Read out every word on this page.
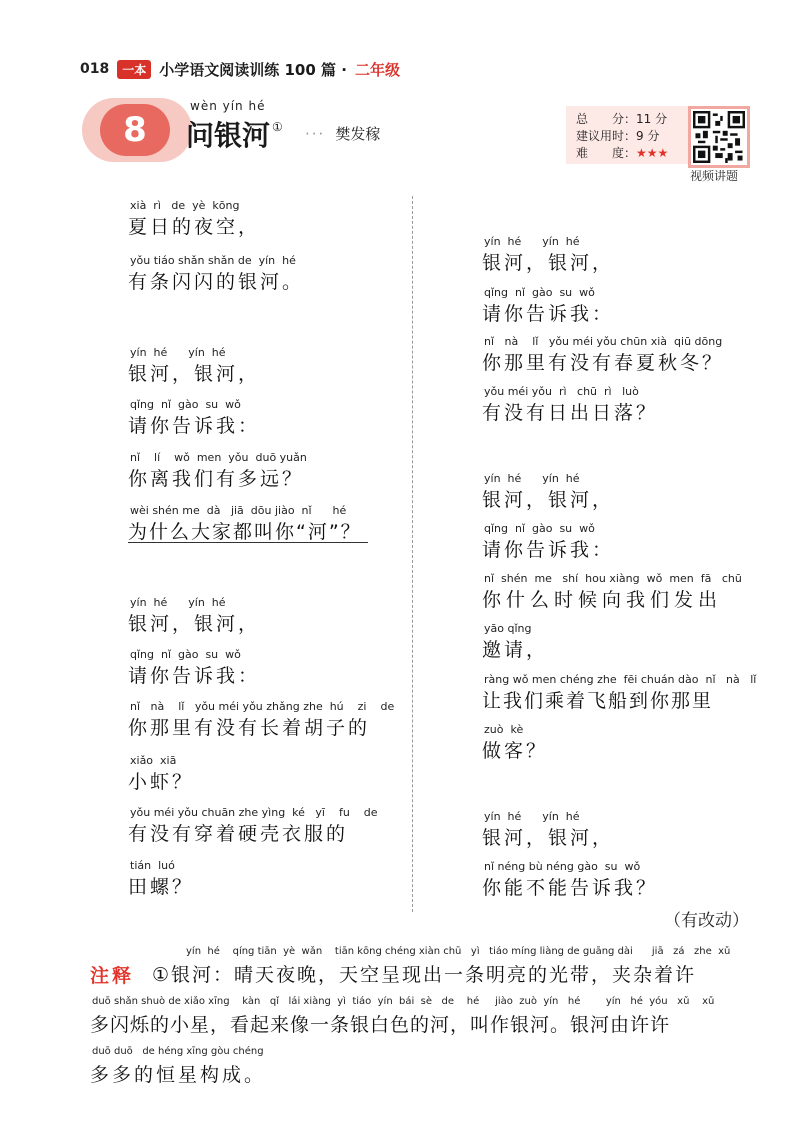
018	一本 小学语文阅读训练 100 篇 · 二年级
8
wèn yín hé
问银河 ① ··· 樊发稼
总　　分：11 分
建议用时：9 分
难　　度：★★★
视频讲题
xià  rì   de  yè  kōng
夏日的夜空，
yǒu tiáo shǎn shǎn de  yín  hé
有条闪闪的银河。
yín  hé      yín  hé
银河，银河，
qǐng  nǐ  gào  su  wǒ
请你告诉我：
nǐ    lí    wǒ  men  yǒu  duō yuǎn
你离我们有多远？
wèi shén me  dà   jiā  dōu jiào  nǐ      hé
为什么大家都叫你“河”？
yín  hé      yín  hé
银河，银河，
qǐng  nǐ  gào  su  wǒ
请你告诉我：
nǐ   nà    lǐ   yǒu méi yǒu zhǎng zhe  hú    zi    de
你那里有没有长着胡子的
xiǎo  xiā
小虾？
yǒu méi yǒu chuān zhe yìng  ké   yī    fu    de
有没有穿着硬壳衣服的
tián  luó
田螺？
yín  hé      yín  hé
银河，银河，
qǐng  nǐ  gào  su  wǒ
请你告诉我：
nǐ   nà    lǐ   yǒu méi yǒu chūn xià  qiū dōng
你那里有没有春夏秋冬？
yǒu méi yǒu  rì   chū  rì   luò
有没有日出日落？
yín  hé      yín  hé
银河，银河，
qǐng  nǐ  gào  su  wǒ
请你告诉我：
nǐ  shén  me   shí  hou xiàng  wǒ  men  fā   chū
你什么时候向我们发出
yāo qǐng
邀请，
ràng wǒ men chéng zhe  fēi chuán dào  nǐ   nà   lǐ
让我们乘着飞船到你那里
zuò  kè
做客？
yín  hé      yín  hé
银河，银河，
nǐ néng bù néng gào  su  wǒ
你能不能告诉我？
（有改动）
注释
yín  hé    qíng tiān  yè  wǎn    tiān kōng chéng xiàn chū   yì   tiáo míng liàng de guāng dài      jiā   zá   zhe  xǔ
①银河：晴天夜晚，天空呈现出一条明亮的光带，夹杂着许
duō shǎn shuò de xiǎo xīng    kàn   qǐ   lái xiàng  yì  tiáo  yín  bái  sè   de    hé     jiào  zuò  yín   hé        yín   hé  yóu   xǔ    xǔ
多闪烁的小星，看起来像一条银白色的河，叫作银河。银河由许许
duō duō   de héng xīng gòu chéng
多多的恒星构成。
